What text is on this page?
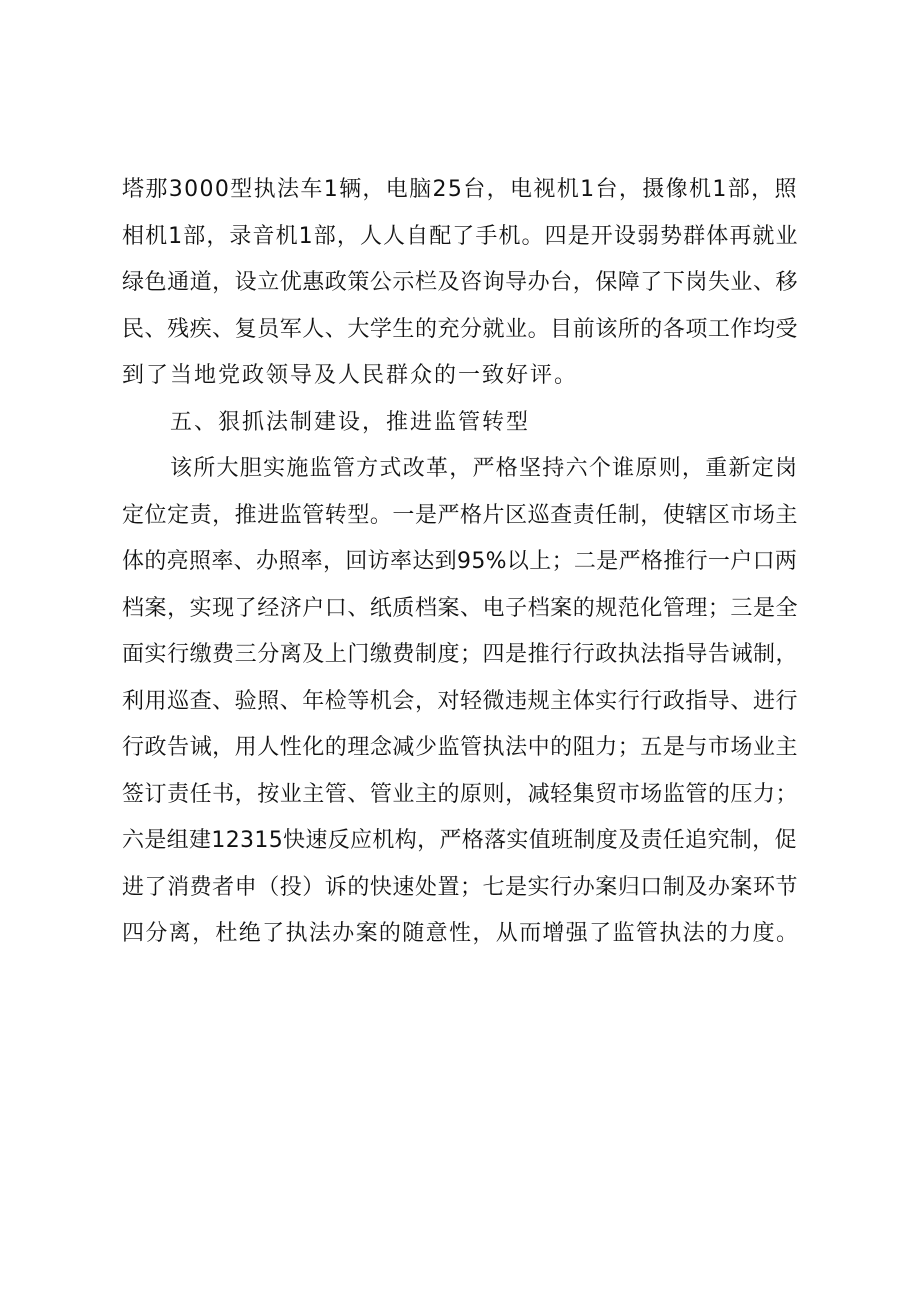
塔那3000型执法车1辆，电脑25台，电视机1台，摄像机1部，照
相机1部，录音机1部，人人自配了手机。四是开设弱势群体再就业
绿色通道，设立优惠政策公示栏及咨询导办台，保障了下岗失业、移
民、残疾、复员军人、大学生的充分就业。目前该所的各项工作均受
到了当地党政领导及人民群众的一致好评。
五、狠抓法制建设，推进监管转型
该所大胆实施监管方式改革，严格坚持六个谁原则，重新定岗
定位定责，推进监管转型。一是严格片区巡查责任制，使辖区市场主
体的亮照率、办照率，回访率达到95%以上；二是严格推行一户口两
档案，实现了经济户口、纸质档案、电子档案的规范化管理；三是全
面实行缴费三分离及上门缴费制度；四是推行行政执法指导告诫制，
利用巡查、验照、年检等机会，对轻微违规主体实行行政指导、进行
行政告诫，用人性化的理念减少监管执法中的阻力；五是与市场业主
签订责任书，按业主管、管业主的原则，减轻集贸市场监管的压力；
六是组建12315快速反应机构，严格落实值班制度及责任追究制，促
进了消费者申（投）诉的快速处置；七是实行办案归口制及办案环节
四分离，杜绝了执法办案的随意性，从而增强了监管执法的力度。
